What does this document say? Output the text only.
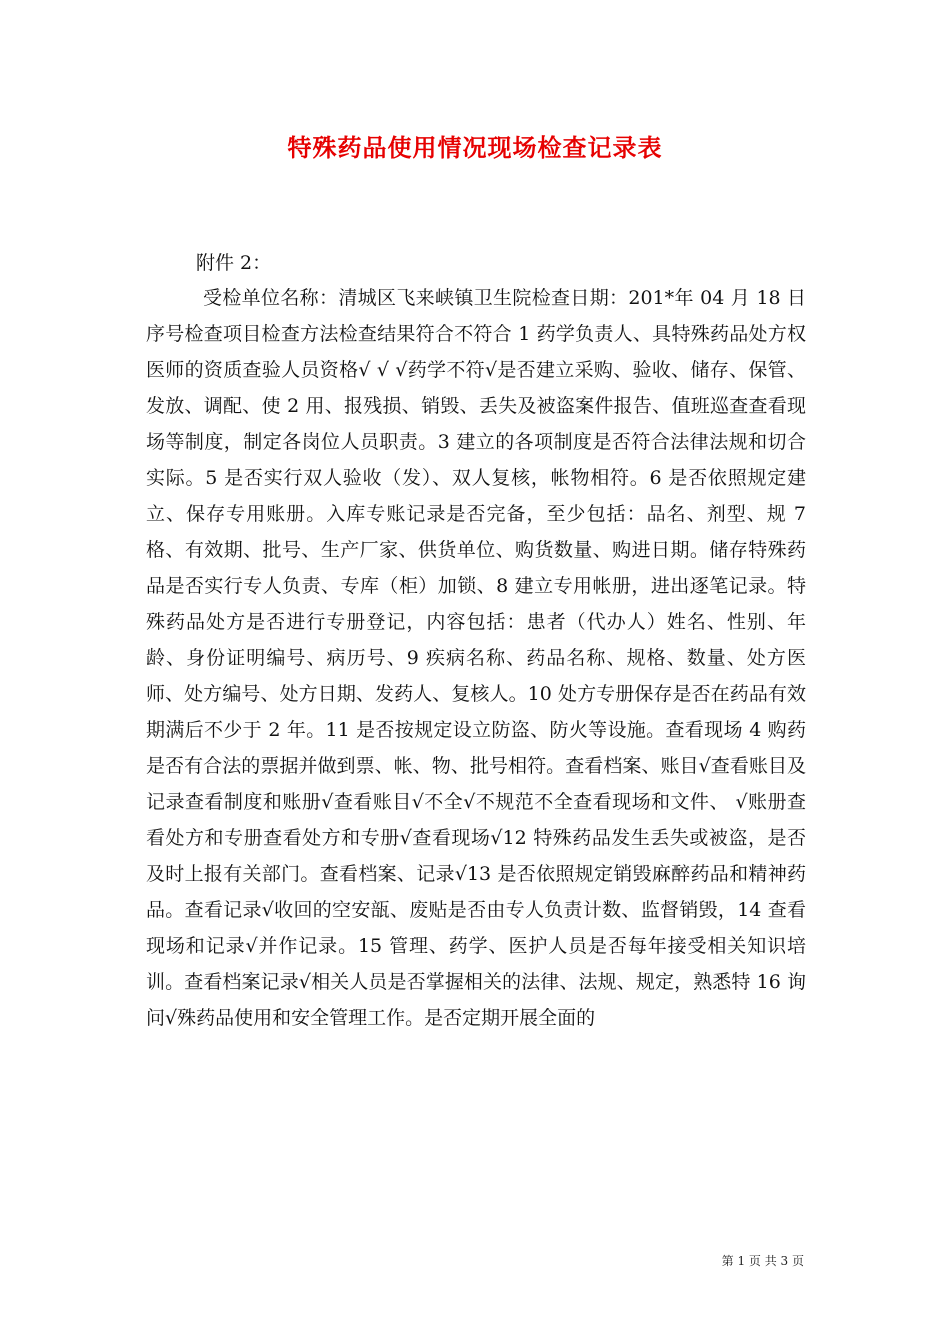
特殊药品使用情况现场检查记录表

附件 2：

受检单位名称：清城区飞来峡镇卫生院检查日期：201*年 04 月 18 日序号检查项目检查方法检查结果符合不符合 1 药学负责人、具特殊药品处方权医师的资质查验人员资格√ √ √药学不符√是否建立采购、验收、储存、保管、发放、调配、使 2 用、报残损、销毁、丢失及被盗案件报告、值班巡查查看现场等制度，制定各岗位人员职责。3 建立的各项制度是否符合法律法规和切合实际。5 是否实行双人验收（发）、双人复核，帐物相符。6 是否依照规定建立、保存专用账册。入库专账记录是否完备，至少包括：品名、剂型、规 7 格、有效期、批号、生产厂家、供货单位、购货数量、购进日期。储存特殊药品是否实行专人负责、专库（柜）加锁、8 建立专用帐册，进出逐笔记录。特殊药品处方是否进行专册登记，内容包括：患者（代办人）姓名、性别、年龄、身份证明编号、病历号、9 疾病名称、药品名称、规格、数量、处方医师、处方编号、处方日期、发药人、复核人。10 处方专册保存是否在药品有效期满后不少于 2 年。11 是否按规定设立防盗、防火等设施。查看现场 4 购药是否有合法的票据并做到票、帐、物、批号相符。查看档案、账目√查看账目及记录查看制度和账册√查看账目√不全√不规范不全查看现场和文件、 √账册查看处方和专册查看处方和专册√查看现场√12 特殊药品发生丢失或被盗，是否及时上报有关部门。查看档案、记录√13 是否依照规定销毁麻醉药品和精神药品。查看记录√收回的空安瓿、废贴是否由专人负责计数、监督销毁，14 查看现场和记录√并作记录。15 管理、药学、医护人员是否每年接受相关知识培训。查看档案记录√相关人员是否掌握相关的法律、法规、规定，熟悉特 16 询问√殊药品使用和安全管理工作。是否定期开展全面的

第 1 页 共 3 页
